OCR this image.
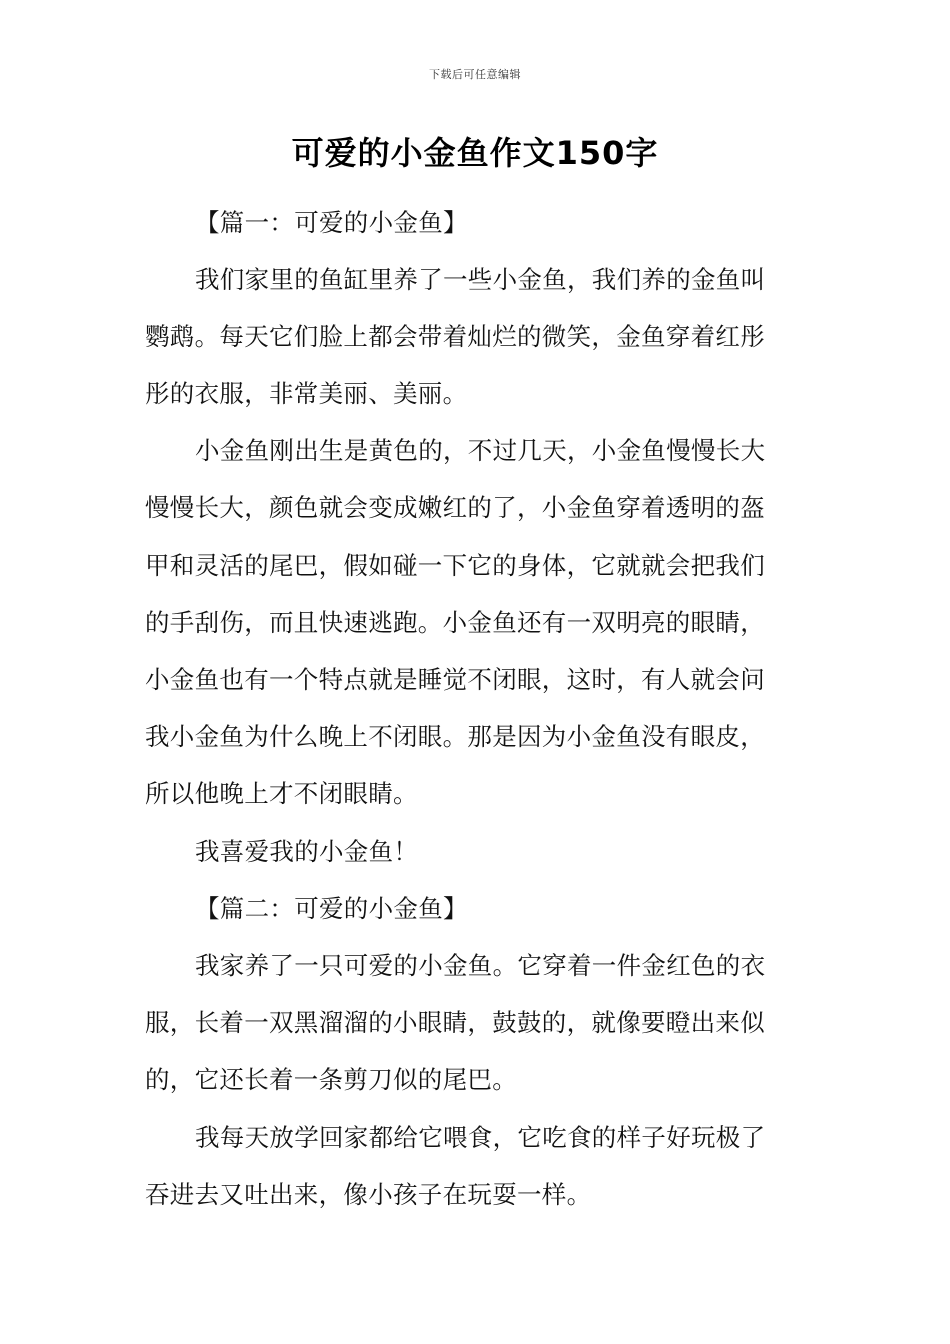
下载后可任意编辑
可爱的小金鱼作文150字
【篇一：可爱的小金鱼】
我们家里的鱼缸里养了一些小金鱼，我们养的金鱼叫
鹦鹉。每天它们脸上都会带着灿烂的微笑，金鱼穿着红彤
彤的衣服，非常美丽、美丽。
小金鱼刚出生是黄色的，不过几天，小金鱼慢慢长大
慢慢长大，颜色就会变成嫩红的了，小金鱼穿着透明的盔
甲和灵活的尾巴，假如碰一下它的身体，它就就会把我们
的手刮伤，而且快速逃跑。小金鱼还有一双明亮的眼睛，
小金鱼也有一个特点就是睡觉不闭眼，这时，有人就会问
我小金鱼为什么晚上不闭眼。那是因为小金鱼没有眼皮，
所以他晚上才不闭眼睛。
我喜爱我的小金鱼！
【篇二：可爱的小金鱼】
我家养了一只可爱的小金鱼。它穿着一件金红色的衣
服，长着一双黑溜溜的小眼睛，鼓鼓的，就像要瞪出来似
的，它还长着一条剪刀似的尾巴。
我每天放学回家都给它喂食，它吃食的样子好玩极了
吞进去又吐出来，像小孩子在玩耍一样。
